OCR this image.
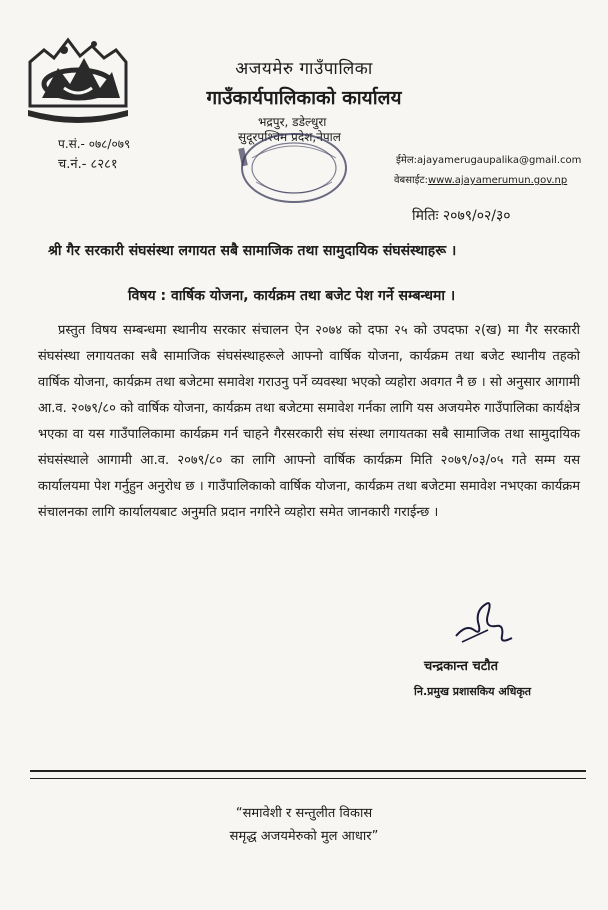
अजयमेरु गाउँपालिका
गाउँकार्यपालिकाको कार्यालय
भद्रपुर, डडेल्धुरा
सुदूरपश्चिम प्रदेश,नेपाल
प.सं.- ०७८/०७९
च.नं.- ८२८१	ईमेल:ajayamerugaupalika@gmail.com
वेबसाईट:www.ajayamerumun.gov.np
मितिः २०७९/०२/३०
श्री गैर सरकारी संघसंस्था लगायत सबै सामाजिक तथा सामुदायिक संघसंस्थाहरू ।
विषय : वार्षिक योजना, कार्यक्रम तथा बजेट पेश गर्ने सम्बन्धमा ।

प्रस्तुत विषय सम्बन्धमा स्थानीय सरकार संचालन ऐन २०७४ को दफा २५ को उपदफा २(ख) मा गैर सरकारी संघसंस्था लगायतका सबै सामाजिक संघसंस्थाहरूले आफ्नो वार्षिक योजना, कार्यक्रम तथा बजेट स्थानीय तहको वार्षिक योजना, कार्यक्रम तथा बजेटमा समावेश गराउनु पर्ने व्यवस्था भएको व्यहोरा अवगत नै छ । सो अनुसार आगामी आ.व. २०७९/८० को वार्षिक योजना, कार्यक्रम तथा बजेटमा समावेश गर्नका लागि यस अजयमेरु गाउँपालिका कार्यक्षेत्र भएका वा यस गाउँपालिकामा कार्यक्रम गर्न चाहने गैरसरकारी संघ संस्था लगायतका सबै सामाजिक तथा सामुदायिक संघसंस्थाले आगामी आ.व. २०७९/८० का लागि आफ्नो वार्षिक कार्यक्रम मिति २०७९/०३/०५ गते सम्म यस कार्यालयमा पेश गर्नुहुन अनुरोध छ । गाउँपालिकाको वार्षिक योजना, कार्यक्रम तथा बजेटमा समावेश नभएका कार्यक्रम संचालनका लागि कार्यालयबाट अनुमति प्रदान नगरिने व्यहोरा समेत जानकारी गराईन्छ ।

चन्द्रकान्त चटौत
नि.प्रमुख प्रशासकिय अधिकृत
“समावेशी र सन्तुलीत विकास
समृद्ध अजयमेरुको मुल आधार”
